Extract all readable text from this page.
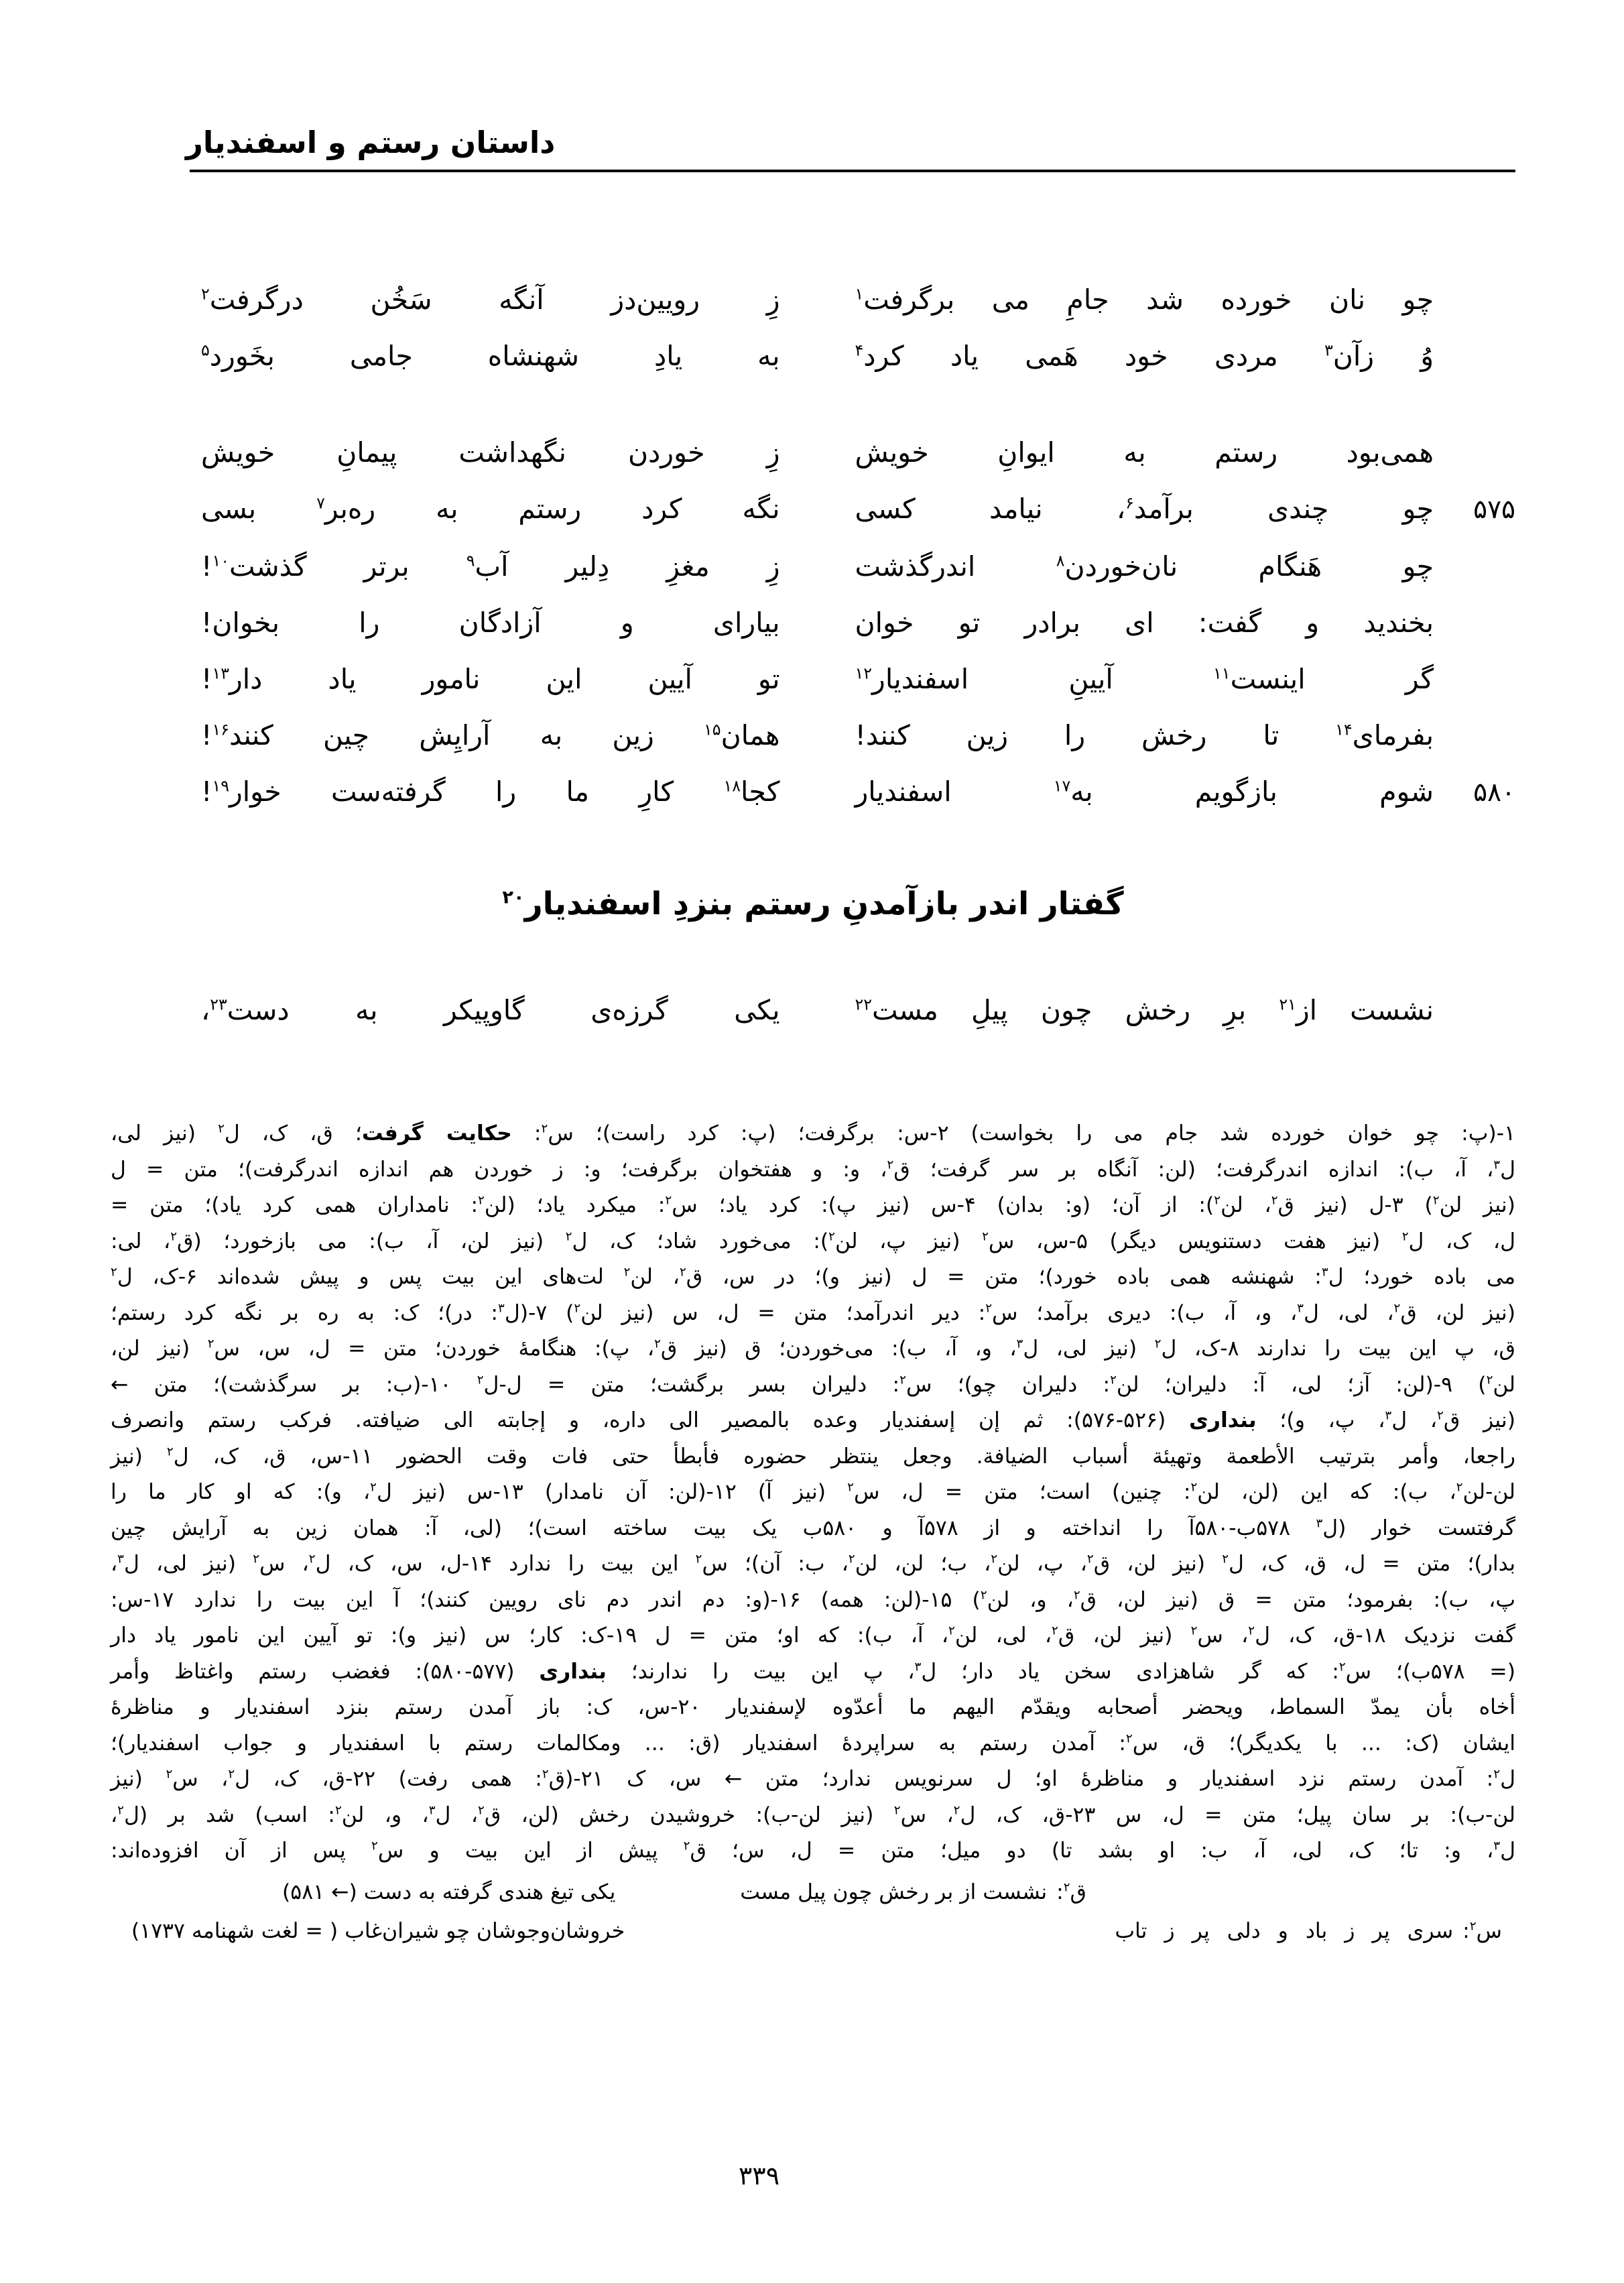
داستان رستم و اسفندیار
چو نان خورده شد جامِ می برگرفت$^۱$
زِ رویین‌دز آنگه سَخُن درگرفت$^۲$
وُ زآن$^۳$ مردی خود هَمی یاد کرد$^۴$
به یادِ شهنشاه جامی بخَورد$^۵$
همی‌بود رستم به ایوانِ خویش
زِ خوردن نگهداشت پیمانِ خویش
۵۷۵
چو چندی برآمد$^۶$، نیامد کسی
نگه کرد رستم به ره‌بر$^۷$ بسی
چو هَنگام نان‌خوردن$^۸$ اندرگذشت
زِ مغزِ دِلیر آب$^۹$ برتر گذشت$^{۱۰}$!
بخندید و گفت: ای برادر تو خوان
بیارای و آزادگان را بخوان!
گر اینست$^{۱۱}$ آیینِ اسفندیار$^{۱۲}$
تو آیین این نامور یاد دار$^{۱۳}$!
بفرمای$^{۱۴}$ تا رخش را زین کنند!
همان$^{۱۵}$ زین به آرایِش چین کنند$^{۱۶}$!
۵۸۰
شوم بازگویم به$^{۱۷}$ اسفندیار
کجا$^{۱۸}$ کارِ ما را گرفته‌ست خوار$^{۱۹}$!
گفتار اندر بازآمدنِ رستم بنزدِ اسفندیار$^{۲۰}$
نشست از$^{۲۱}$ برِ رخش چون پیلِ مست$^{۲۲}$
یکی گرزه‌ی گاوپیکر به دست$^{۲۳}$،
۱-(پ: چو خوان خورده شد جام می را بخواست) ۲-س: برگرفت؛ (پ: کرد راست)؛ س$^۲$: حکایت گرفت؛ ق، ک، ل$^۲$ (نیز لی،
ل$^۳$، آ، ب): اندازه اندرگرفت؛ (لن: آنگاه بر سر گرفت؛ ق$^۲$، و: و هفتخوان برگرفت؛ و: ز خوردن هم اندازه اندرگرفت)؛ متن = ل
(نیز لن$^۲$) ۳-ل (نیز ق$^۲$، لن$^۲$): از آن؛ (و: بدان) ۴-س (نیز پ): کرد یاد؛ س$^۲$: میکرد یاد؛ (لن$^۲$: نامداران همی کرد یاد)؛ متن =
ل، ک، ل$^۲$ (نیز هفت دستنویس دیگر) ۵-س، س$^۲$ (نیز پ، لن$^۲$): می‌خورد شاد؛ ک، ل$^۲$ (نیز لن، آ، ب): می بازخورد؛ (ق$^۲$، لی:
می باده خورد؛ ل$^۳$: شهنشه همی باده خورد)؛ متن = ل (نیز و)؛ در س، ق$^۲$، لن$^۲$ لت‌های این بیت پس و پیش شده‌اند ۶-ک، ل$^۲$
(نیز لن، ق$^۲$، لی، ل$^۳$، و، آ، ب): دیری برآمد؛ س$^۲$: دیر اندرآمد؛ متن = ل، س (نیز لن$^۲$) ۷-(ل$^۳$: در)؛ ک: به ره بر نگه کرد رستم؛
ق، پ این بیت را ندارند ۸-ک، ل$^۲$ (نیز لی، ل$^۳$، و، آ، ب): می‌خوردن؛ ق (نیز ق$^۲$، پ): هنگامهٔ خوردن؛ متن = ل، س، س$^۲$ (نیز لن،
لن$^۲$) ۹-(لن: آز؛ لی، آ: دلیران؛ لن$^۲$: دلیران چو)؛ س$^۲$: دلیران بسر برگشت؛ متن = ل-ل$^۲$ ۱۰-(ب: بر سرگذشت)؛ متن ←
(نیز ق$^۲$، ل$^۳$، پ، و)؛ بنداری (۵۲۶-۵۷۶): ثم إن إسفندیار وعده بالمصیر الی داره، و إجابته الی ضیافته. فرکب رستم وانصرف
راجعا، وأمر بترتیب الأطعمة وتهیئة أسباب الضیافة. وجعل ینتظر حضوره فأبطأ حتی فات وقت الحضور ۱۱-س، ق، ک، ل$^۲$ (نیز
لن-لن$^۲$، ب): که این (لن، لن$^۲$: چنین) است؛ متن = ل، س$^۲$ (نیز آ) ۱۲-(لن: آن نامدار) ۱۳-س (نیز ل$^۲$، و): که او کار ما را
گرفتست خوار (ل$^۳$ ۵۷۸ب-۵۸۰آ را انداخته و از ۵۷۸آ و ۵۸۰ب یک بیت ساخته است)؛ (لی، آ: همان زین به آرایش چین
بدار)؛ متن = ل، ق، ک، ل$^۲$ (نیز لن، ق$^۲$، پ، لن$^۲$، ب؛ لن، لن$^۲$، ب: آن)؛ س$^۲$ این بیت را ندارد ۱۴-ل، س، ک، ل$^۲$، س$^۲$ (نیز لی، ل$^۳$،
پ، ب): بفرمود؛ متن = ق (نیز لن، ق$^۲$، و، لن$^۲$) ۱۵-(لن: همه) ۱۶-(و: دم اندر دم نای رویین کنند)؛ آ این بیت را ندارد ۱۷-س:
گفت نزدیک ۱۸-ق، ک، ل$^۲$، س$^۲$ (نیز لن، ق$^۲$، لی، لن$^۲$، آ، ب): که او؛ متن = ل ۱۹-ک: کار؛ س (نیز و): تو آیین این نامور یاد دار
(= ۵۷۸ب)؛ س$^۲$: که گر شاهزادی سخن یاد دار؛ ل$^۳$، پ این بیت را ندارند؛ بنداری (۵۷۷-۵۸۰): فغضب رستم واغتاظ وأمر
أخاه بأن یمدّ السماط، ویحضر أصحابه ویقدّم الیهم ما أعدّوه لإسفندیار ۲۰-س، ک: باز آمدن رستم بنزد اسفندیار و مناظرهٔ
ایشان (ک: ... با یکدیگر)؛ ق، س$^۲$: آمدن رستم به سراپردهٔ اسفندیار (ق: ... ومکالمات رستم با اسفندیار و جواب اسفندیار)؛
ل$^۲$: آمدن رستم نزد اسفندیار و مناظرهٔ او؛ ل سرنویس ندارد؛ متن ← س، ک ۲۱-(ق$^۲$: همی رفت) ۲۲-ق، ک، ل$^۲$، س$^۲$ (نیز
لن-ب): بر سان پیل؛ متن = ل، س ۲۳-ق، ک، ل$^۲$، س$^۲$ (نیز لن-ب): خروشیدن رخش (لن، ق$^۲$، ل$^۳$، و، لن$^۲$: اسب) شد بر (ل$^۲$،
ل$^۳$، و: تا؛ ک، لی، آ، ب: او بشد تا) دو میل؛ متن = ل، س؛ ق$^۲$ پیش از این بیت و س$^۲$ پس از آن افزوده‌اند:
ق$^۲$:
نشست از بر رخش چون پیل مست
یکی تیغ هندی گرفته به دست (← ۵۸۱)
س$^۲$:
سری پر ز باد و دلی پر ز تاب
خروشان‌وجوشان چو شیران‌غاب ( = لغت شهنامه ۱۷۳۷)
۳۳۹
